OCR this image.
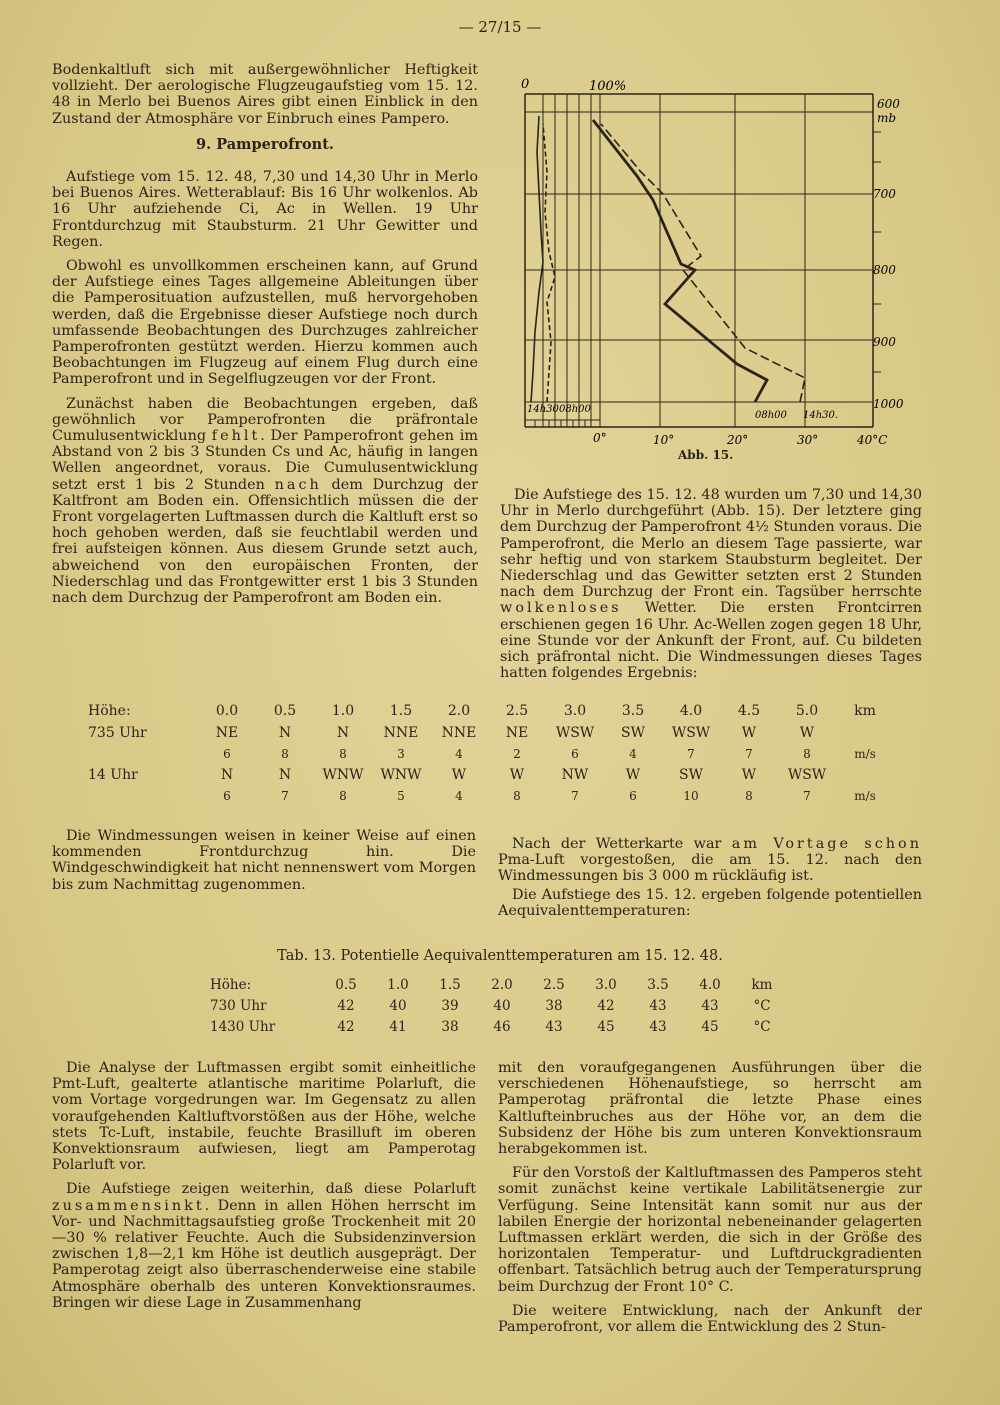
— 27/15 —

Bodenkaltluft sich mit außergewöhnlicher Heftigkeit vollzieht. Der aerologische Flugzeugaufstieg vom 15. 12. 48 in Merlo bei Buenos Aires gibt einen Einblick in den Zustand der Atmosphäre vor Einbruch eines Pampero.

9. Pamperofront.

Aufstiege vom 15. 12. 48, 7,30 und 14,30 Uhr in Merlo bei Buenos Aires. Wetterablauf: Bis 16 Uhr wolkenlos. Ab 16 Uhr aufziehende Ci, Ac in Wellen. 19 Uhr Frontdurchzug mit Staubsturm. 21 Uhr Gewitter und Regen.

Obwohl es unvollkommen erscheinen kann, auf Grund der Aufstiege eines Tages allgemeine Ableitungen über die Pamperosituation aufzustellen, muß hervorgehoben werden, daß die Ergebnisse dieser Aufstiege noch durch umfassende Beobachtungen des Durchzuges zahlreicher Pamperofronten gestützt werden. Hierzu kommen auch Beobachtungen im Flugzeug auf einem Flug durch eine Pamperofront und in Segelflugzeugen vor der Front.

Zunächst haben die Beobachtungen ergeben, daß gewöhnlich vor Pamperofronten die präfrontale Cumulusentwicklung fehlt. Der Pamperofront gehen im Abstand von 2 bis 3 Stunden Cs und Ac, häufig in langen Wellen angeordnet, voraus. Die Cumulusentwicklung setzt erst 1 bis 2 Stunden nach dem Durchzug der Kaltfront am Boden ein. Offensichtlich müssen die der Front vorgelagerten Luftmassen durch die Kaltluft erst so hoch gehoben werden, daß sie feuchtlabil werden und frei aufsteigen können. Aus diesem Grunde setzt auch, abweichend von den europäischen Fronten, der Niederschlag und das Frontgewitter erst 1 bis 3 Stunden nach dem Durchzug der Pamperofront am Boden ein.

0	100%
600
mb
700
800
900
1000
0°	10°	20°	30°	40°C
14h30 08h00
08h00 14h30.
Abb. 15.

Die Aufstiege des 15. 12. 48 wurden um 7,30 und 14,30 Uhr in Merlo durchgeführt (Abb. 15). Der letztere ging dem Durchzug der Pamperofront 4½ Stunden voraus. Die Pamperofront, die Merlo an diesem Tage passierte, war sehr heftig und von starkem Staubsturm begleitet. Der Niederschlag und das Gewitter setzten erst 2 Stunden nach dem Durchzug der Front ein. Tagsüber herrschte wolkenloses Wetter. Die ersten Frontcirren erschienen gegen 16 Uhr. Ac-Wellen zogen gegen 18 Uhr, eine Stunde vor der Ankunft der Front, auf. Cu bildeten sich präfrontal nicht. Die Windmessungen dieses Tages hatten folgendes Ergebnis:

Höhe:	0.0	0.5	1.0	1.5	2.0	2.5	3.0	3.5	4.0	4.5	5.0	km
735 Uhr	NE	N	N	NNE	NNE	NE	WSW	SW	WSW	W	W	
	6	8	8	3	4	2	6	4	7	7	8	m/s
14 Uhr	N	N	WNW	WNW	W	W	NW	W	SW	W	WSW	
	6	7	8	5	4	8	7	6	10	8	7	m/s

Die Windmessungen weisen in keiner Weise auf einen kommenden Frontdurchzug hin. Die Windgeschwindigkeit hat nicht nennenswert vom Morgen bis zum Nachmittag zugenommen.

Nach der Wetterkarte war am Vortage schon Pma-Luft vorgestoßen, die am 15. 12. nach den Windmessungen bis 3 000 m rückläufig ist.

Die Aufstiege des 15. 12. ergeben folgende potentiellen Aequivalenttemperaturen:

Tab. 13. Potentielle Aequivalenttemperaturen am 15. 12. 48.
Höhe:	0.5	1.0	1.5	2.0	2.5	3.0	3.5	4.0	km
730 Uhr	42	40	39	40	38	42	43	43	°C
1430 Uhr	42	41	38	46	43	45	43	45	°C

Die Analyse der Luftmassen ergibt somit einheitliche Pmt-Luft, gealterte atlantische maritime Polarluft, die vom Vortage vorgedrungen war. Im Gegensatz zu allen voraufgehenden Kaltluftvorstößen aus der Höhe, welche stets Tc-Luft, instabile, feuchte Brasilluft im oberen Konvektionsraum aufwiesen, liegt am Pamperotag Polarluft vor.

Die Aufstiege zeigen weiterhin, daß diese Polarluft zusammensinkt. Denn in allen Höhen herrscht im Vor- und Nachmittagsaufstieg große Trockenheit mit 20—30 % relativer Feuchte. Auch die Subsidenzinversion zwischen 1,8—2,1 km Höhe ist deutlich ausgeprägt. Der Pamperotag zeigt also überraschenderweise eine stabile Atmosphäre oberhalb des unteren Konvektionsraumes. Bringen wir diese Lage in Zusammenhang

mit den voraufgegangenen Ausführungen über die verschiedenen Höhenaufstiege, so herrscht am Pamperotag präfrontal die letzte Phase eines Kaltlufteinbruches aus der Höhe vor, an dem die Subsidenz der Höhe bis zum unteren Konvektionsraum herabgekommen ist.

Für den Vorstoß der Kaltluftmassen des Pamperos steht somit zunächst keine vertikale Labilitätsenergie zur Verfügung. Seine Intensität kann somit nur aus der labilen Energie der horizontal nebeneinander gelagerten Luftmassen erklärt werden, die sich in der Größe des horizontalen Temperatur- und Luftdruckgradienten offenbart. Tatsächlich betrug auch der Temperatursprung beim Durchzug der Front 10° C.

Die weitere Entwicklung, nach der Ankunft der Pamperofront, vor allem die Entwicklung des 2 Stun-
